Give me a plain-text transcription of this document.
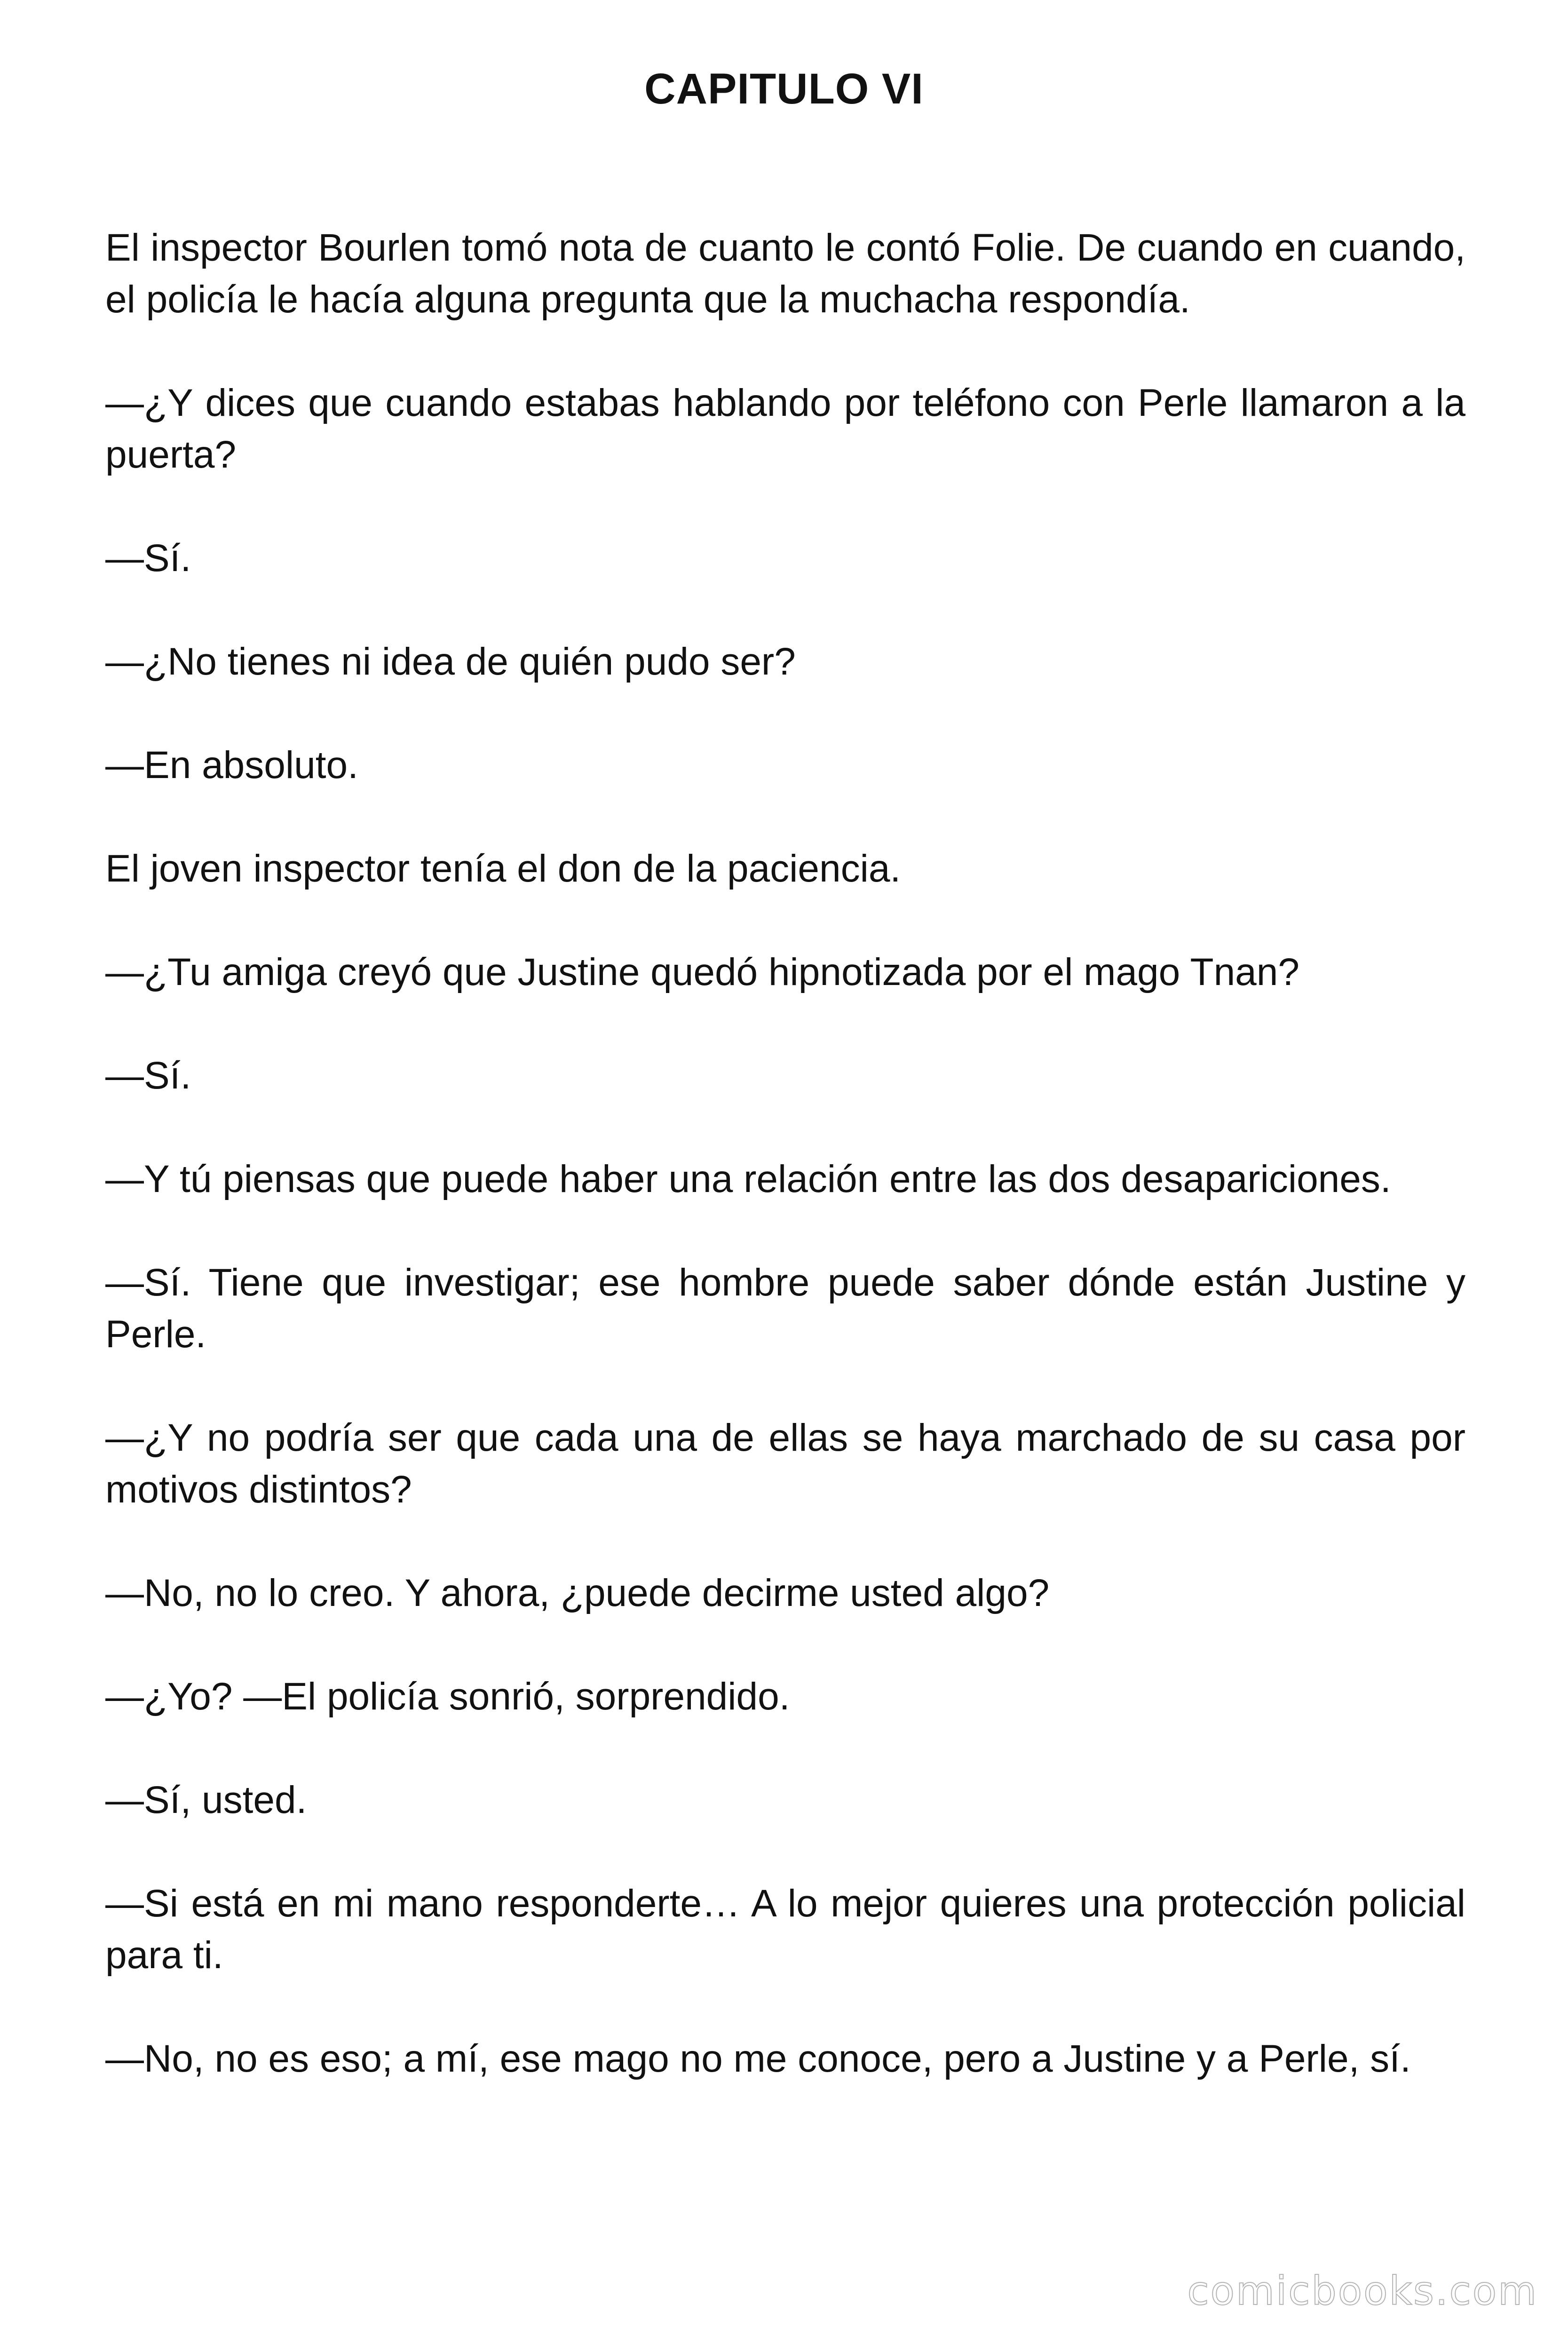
CAPITULO VI

El inspector Bourlen tomó nota de cuanto le contó Folie. De cuando en cuando, el policía le hacía alguna pregunta que la muchacha respondía.

—¿Y dices que cuando estabas hablando por teléfono con Perle llamaron a la puerta?

—Sí.

—¿No tienes ni idea de quién pudo ser?

—En absoluto.

El joven inspector tenía el don de la paciencia.

—¿Tu amiga creyó que Justine quedó hipnotizada por el mago Tnan?

—Sí.

—Y tú piensas que puede haber una relación entre las dos desapariciones.

—Sí. Tiene que investigar; ese hombre puede saber dónde están Justine y Perle.

—¿Y no podría ser que cada una de ellas se haya marchado de su casa por motivos distintos?

—No, no lo creo. Y ahora, ¿puede decirme usted algo?

—¿Yo? —El policía sonrió, sorprendido.

—Sí, usted.

—Si está en mi mano responderte… A lo mejor quieres una protección policial para ti.

—No, no es eso; a mí, ese mago no me conoce, pero a Justine y a Perle, sí.

comicbooks.com
